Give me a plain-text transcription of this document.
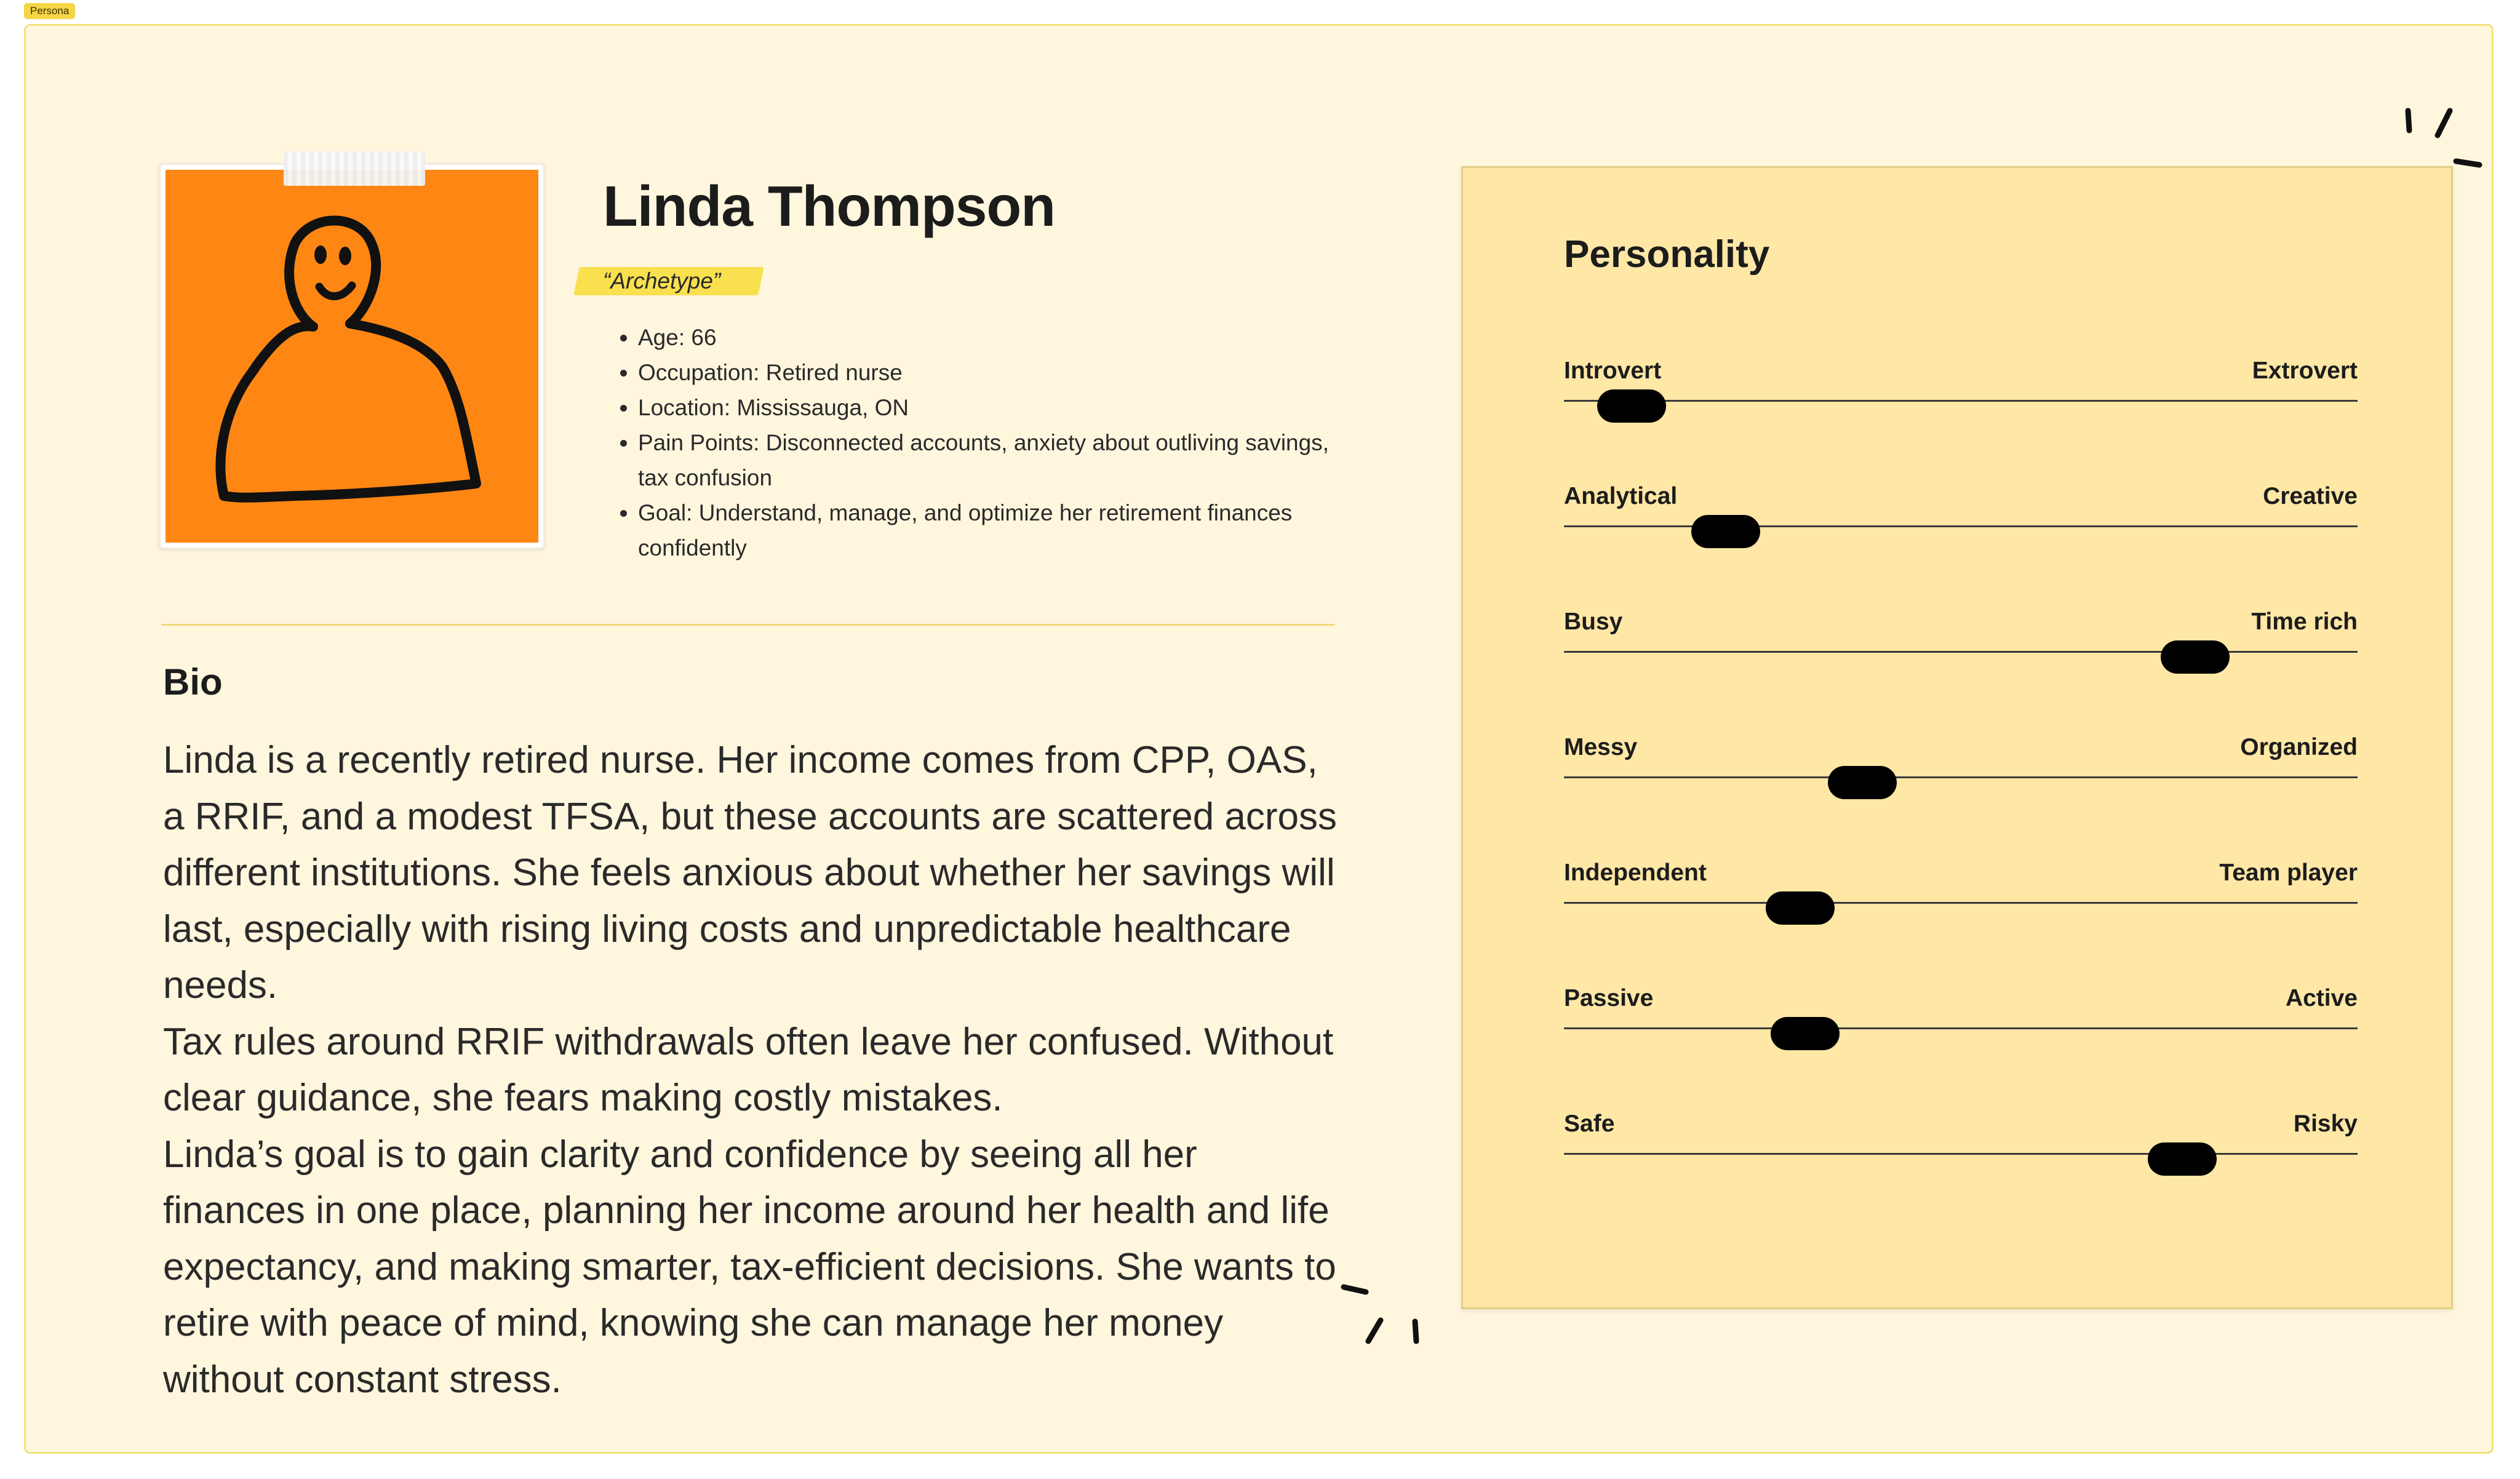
Persona
Linda Thompson
“Archetype”
• Age: 66
• Occupation: Retired nurse
• Location: Mississauga, ON
• Pain Points: Disconnected accounts, anxiety about outliving savings, tax confusion
• Goal: Understand, manage, and optimize her retirement finances confidently
Bio

Linda is a recently retired nurse. Her income comes from CPP, OAS, a RRIF, and a modest TFSA, but these accounts are scattered across different institutions. She feels anxious about whether her savings will last, especially with rising living costs and unpredictable healthcare needs.

Tax rules around RRIF withdrawals often leave her confused. Without clear guidance, she fears making costly mistakes.

Linda’s goal is to gain clarity and confidence by seeing all her finances in one place, planning her income around her health and life expectancy, and making smarter, tax-efficient decisions. She wants to retire with peace of mind, knowing she can manage her money without constant stress.

Personality
Introvert	Extrovert
Analytical	Creative
Busy	Time rich
Messy	Organized
Independent	Team player
Passive	Active
Safe	Risky
